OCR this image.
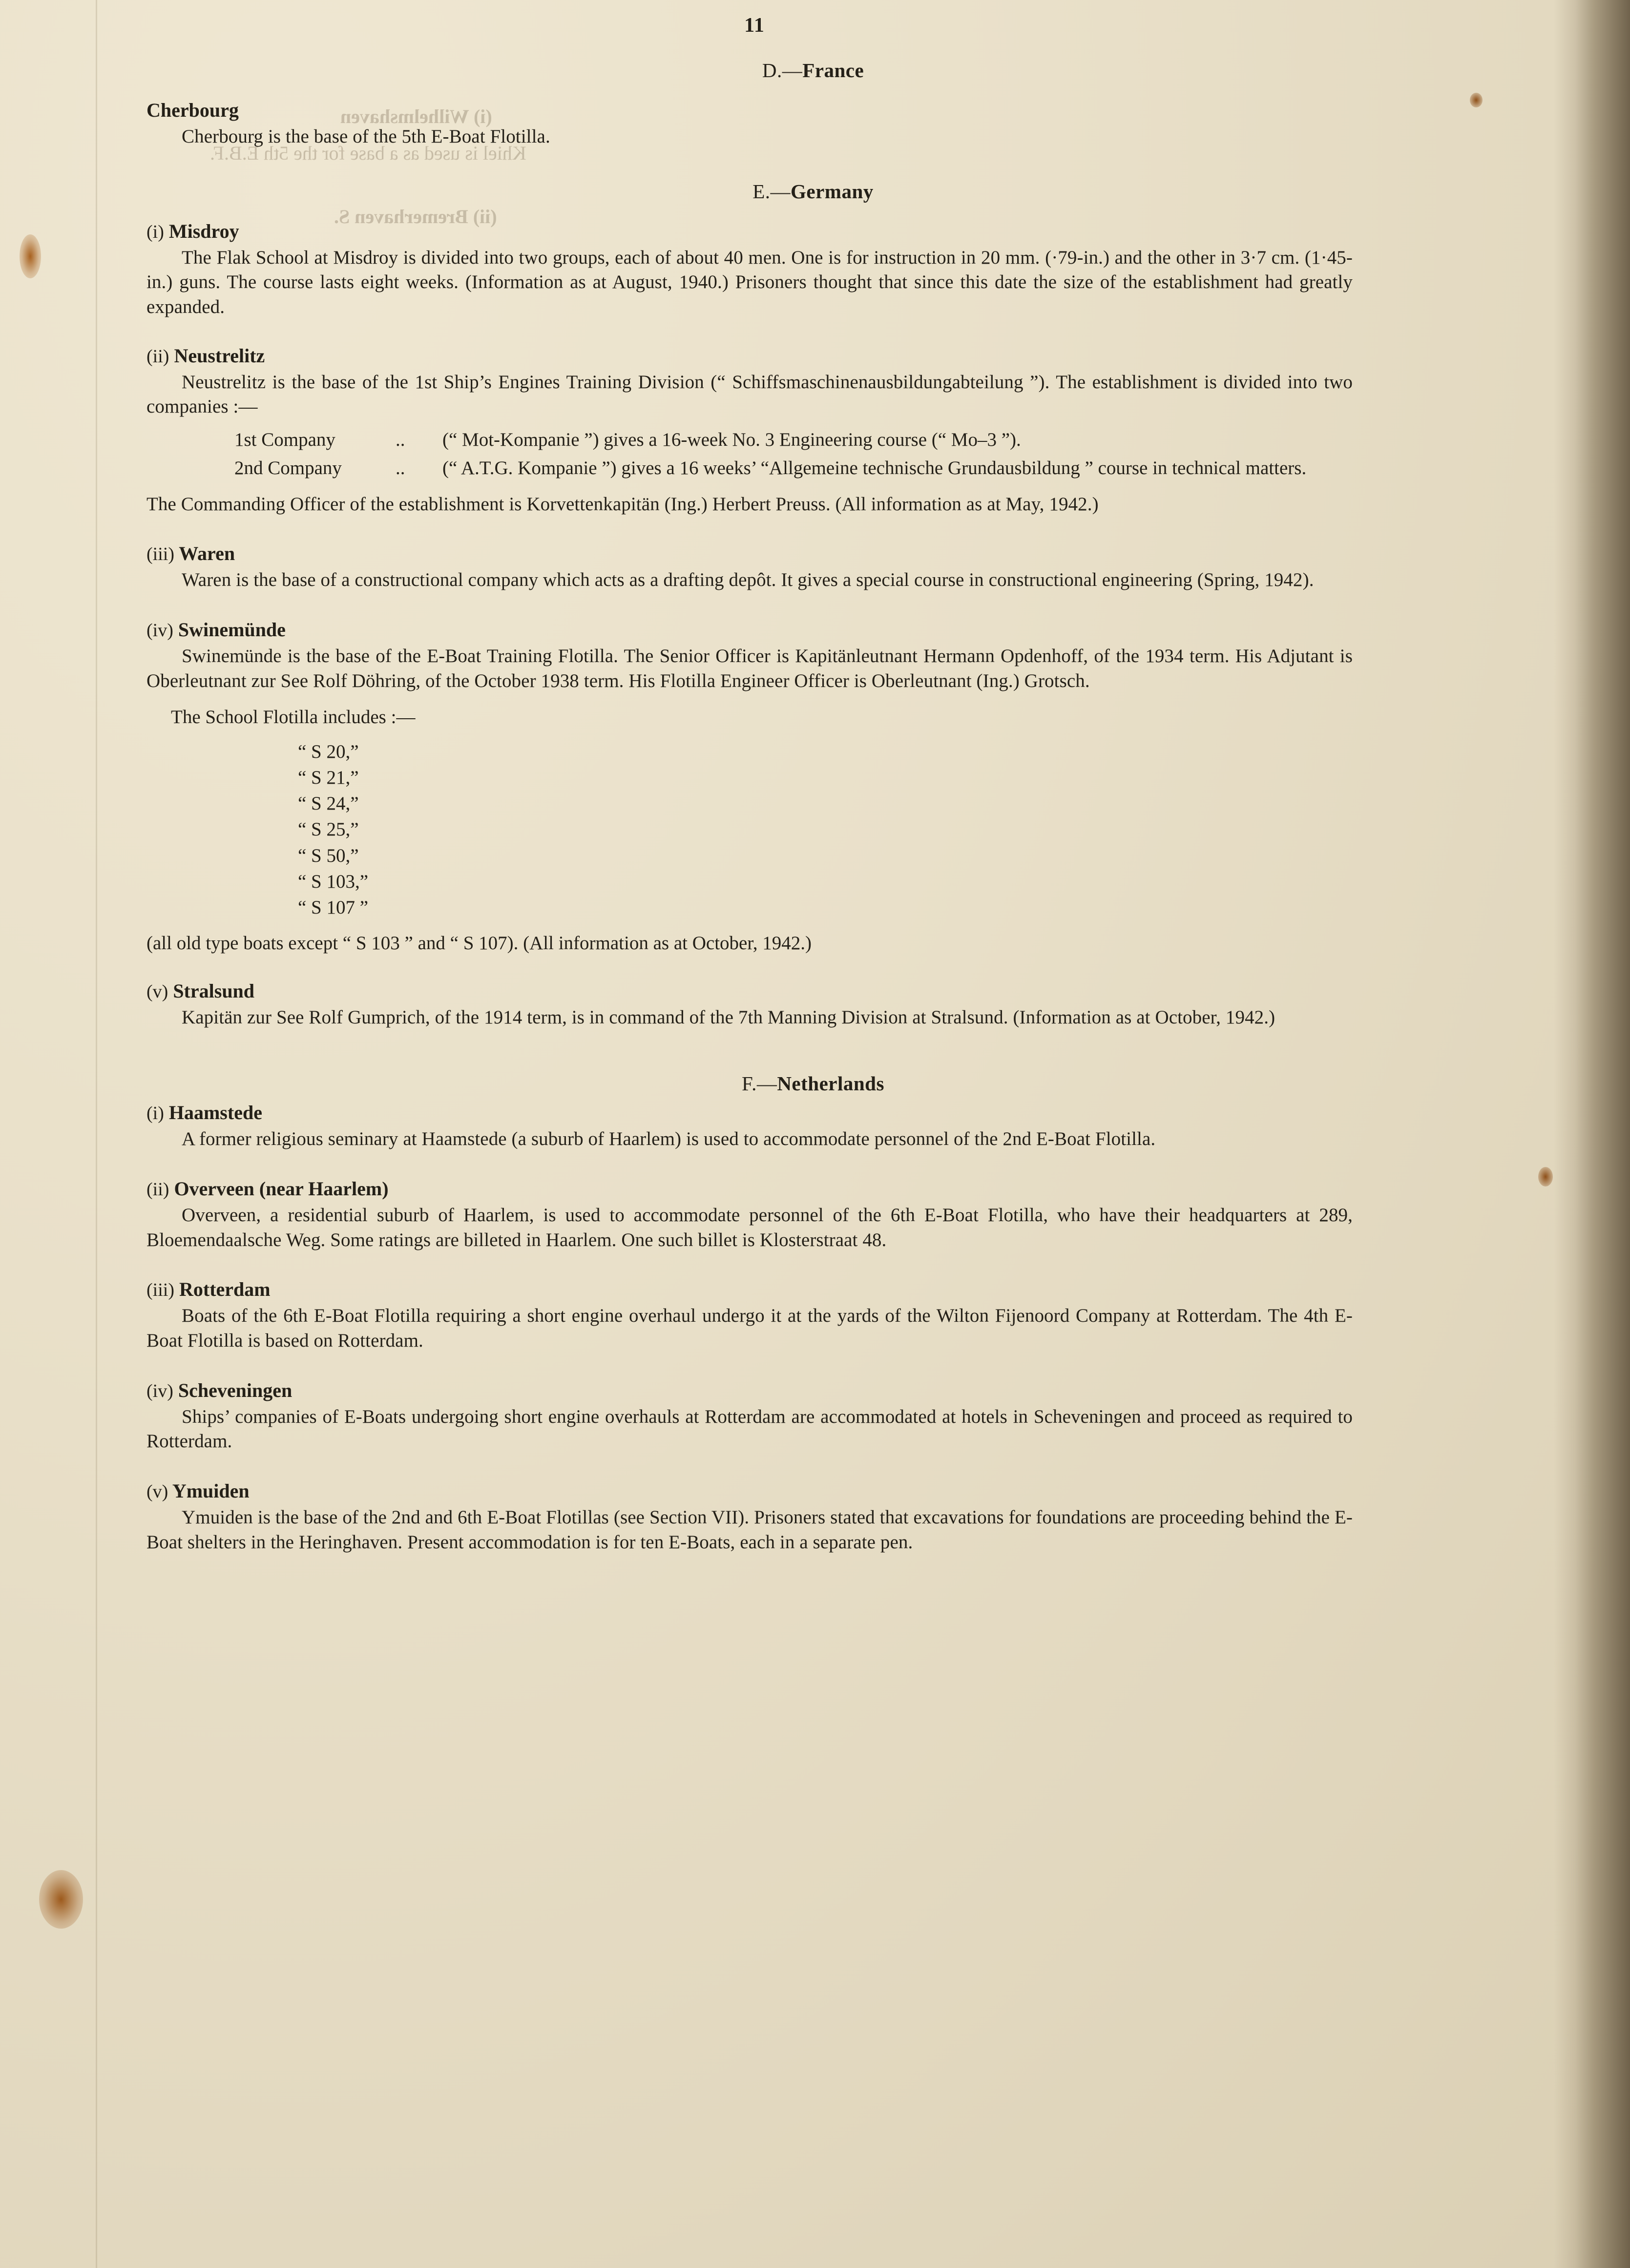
(i) Wilhelmshaven
Khiel is used as a base for the 5th E.B.F.
(ii) Bremerhaven S.
11
D.—France
Cherbourg

Cherbourg is the base of the 5th E-Boat Flotilla.

E.—Germany
(i) Misdroy

The Flak School at Misdroy is divided into two groups, each of about 40 men. One is for instruction in 20 mm. (·79-in.) and the other in 3·7 cm. (1·45-in.) guns. The course lasts eight weeks. (Information as at August, 1940.) Prisoners thought that since this date the size of the establishment had greatly expanded.

(ii) Neustrelitz

Neustrelitz is the base of the 1st Ship’s Engines Training Division (“ Schiffsmaschinenausbildungabteilung ”). The establishment is divided into two companies :—

1st Company	..	(“ Mot-Kompanie ”) gives a 16-week No. 3 Engineering course (“ Mo–3 ”).
2nd Company	..	(“ A.T.G. Kompanie ”) gives a 16 weeks’ “Allgemeine technische Grundausbildung ” course in technical matters.

The Commanding Officer of the establishment is Korvettenkapitän (Ing.) Herbert Preuss. (All information as at May, 1942.)

(iii) Waren

Waren is the base of a constructional company which acts as a drafting depôt. It gives a special course in constructional engineering (Spring, 1942).

(iv) Swinemünde

Swinemünde is the base of the E-Boat Training Flotilla. The Senior Officer is Kapitänleutnant Hermann Opdenhoff, of the 1934 term. His Adjutant is Oberleutnant zur See Rolf Döhring, of the October 1938 term. His Flotilla Engineer Officer is Oberleutnant (Ing.) Grotsch.

The School Flotilla includes :—
“ S 20,”
“ S 21,”
“ S 24,”
“ S 25,”
“ S 50,”
“ S 103,”
“ S 107 ”
(all old type boats except “ S 103 ” and “ S 107). (All information as at October, 1942.)
(v) Stralsund

Kapitän zur See Rolf Gumprich, of the 1914 term, is in command of the 7th Manning Division at Stralsund. (Information as at October, 1942.)

F.—Netherlands
(i) Haamstede

A former religious seminary at Haamstede (a suburb of Haarlem) is used to accommodate personnel of the 2nd E-Boat Flotilla.

(ii) Overveen (near Haarlem)

Overveen, a residential suburb of Haarlem, is used to accommodate personnel of the 6th E-Boat Flotilla, who have their headquarters at 289, Bloemendaalsche Weg. Some ratings are billeted in Haarlem. One such billet is Klosterstraat 48.

(iii) Rotterdam

Boats of the 6th E-Boat Flotilla requiring a short engine overhaul undergo it at the yards of the Wilton Fijenoord Company at Rotterdam. The 4th E-Boat Flotilla is based on Rotterdam.

(iv) Scheveningen

Ships’ companies of E-Boats undergoing short engine overhauls at Rotterdam are accommodated at hotels in Scheveningen and proceed as required to Rotterdam.

(v) Ymuiden

Ymuiden is the base of the 2nd and 6th E-Boat Flotillas (see Section VII). Prisoners stated that excavations for foundations are proceeding behind the E-Boat shelters in the Heringhaven. Present accommodation is for ten E-Boats, each in a separate pen.
